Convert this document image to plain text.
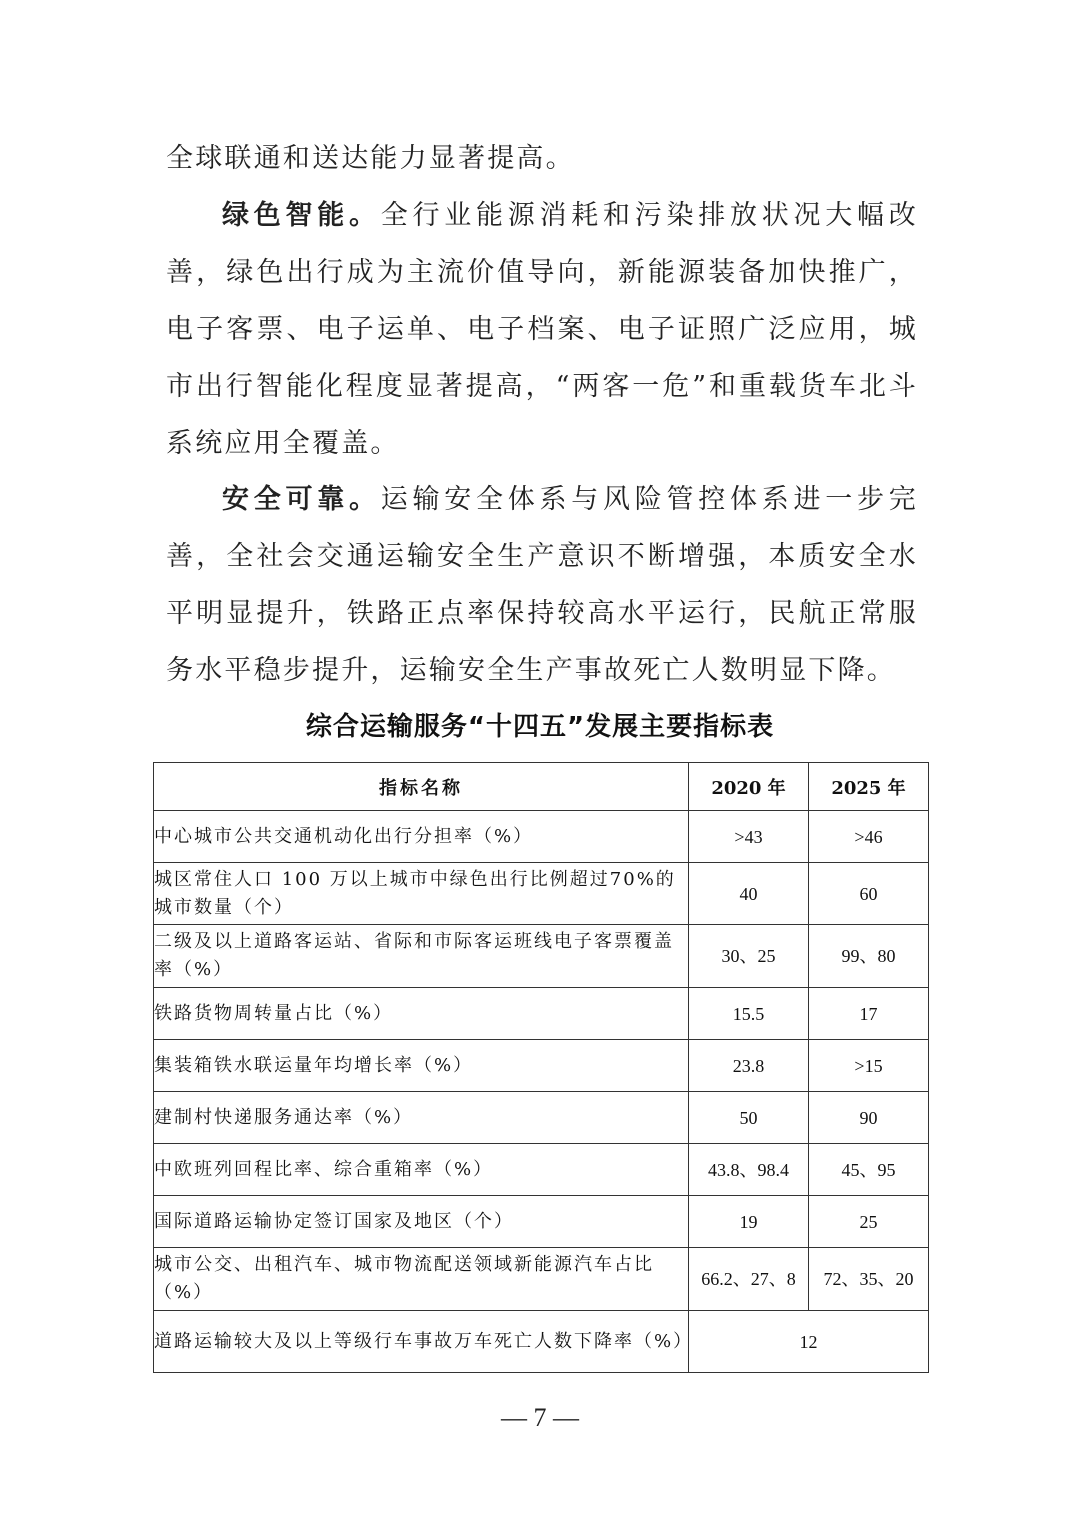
全球联通和送达能力显著提高。
绿色智能。全行业能源消耗和污染排放状况大幅改善，绿色出行成为主流价值导向，新能源装备加快推广，电子客票、电子运单、电子档案、电子证照广泛应用，城市出行智能化程度显著提高，“两客一危”和重载货车北斗系统应用全覆盖。
安全可靠。运输安全体系与风险管控体系进一步完善，全社会交通运输安全生产意识不断增强，本质安全水平明显提升，铁路正点率保持较高水平运行，民航正常服务水平稳步提升，运输安全生产事故死亡人数明显下降。
综合运输服务“十四五”发展主要指标表
指标名称	2020 年	2025 年
中心城市公共交通机动化出行分担率（%）	>43	>46
城区常住人口 100 万以上城市中绿色出行比例超过70%的城市数量（个）	40	60
二级及以上道路客运站、省际和市际客运班线电子客票覆盖率（%）	30、25	99、80
铁路货物周转量占比（%）	15.5	17
集装箱铁水联运量年均增长率（%）	23.8	>15
建制村快递服务通达率（%）	50	90
中欧班列回程比率、综合重箱率（%）	43.8、98.4	45、95
国际道路运输协定签订国家及地区（个）	19	25
城市公交、出租汽车、城市物流配送领域新能源汽车占比（%）	66.2、27、8	72、35、20
道路运输较大及以上等级行车事故万车死亡人数下降率（%）	12	
— 7 —
